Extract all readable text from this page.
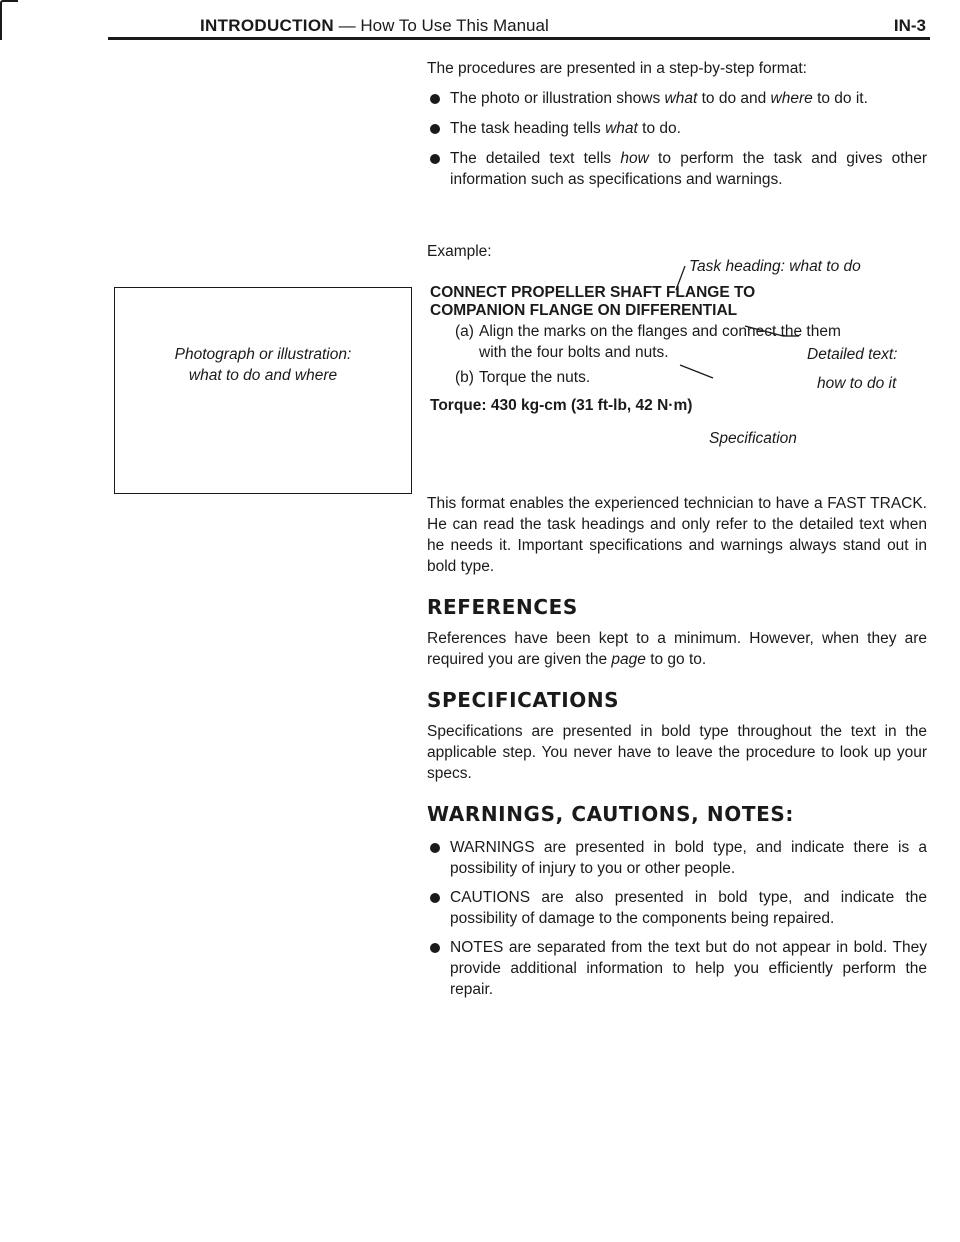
INTRODUCTION — How To Use This Manual	IN-3
Photograph or illustration:
what to do and where

The procedures are presented in a step-by-step format:

The photo or illustration shows what to do and where to do it.
The task heading tells what to do.
The detailed text tells how to perform the task and gives other information such as specifications and warnings.

Example:

Task heading: what to do
CONNECT PROPELLER SHAFT FLANGE TO
COMPANION FLANGE ON DIFFERENTIAL
(a) Align the marks on the flanges and connect the them
with the four bolts and nuts.
(b) Torque the nuts.
Detailed text:
how to do it
Torque: 430 kg-cm (31 ft-lb, 42 N·m)
Specification

This format enables the experienced technician to have a FAST TRACK. He can read the task headings and only refer to the detailed text when he needs it. Important specifications and warnings always stand out in bold type.

REFERENCES

References have been kept to a minimum. However, when they are required you are given the page to go to.

SPECIFICATIONS

Specifications are presented in bold type throughout the text in the applicable step. You never have to leave the procedure to look up your specs.

WARNINGS, CAUTIONS, NOTES:
WARNINGS are presented in bold type, and indicate there is a possibility of injury to you or other people.
CAUTIONS are also presented in bold type, and indicate the possibility of damage to the components being repaired.
NOTES are separated from the text but do not appear in bold. They provide additional information to help you efficiently perform the repair.
